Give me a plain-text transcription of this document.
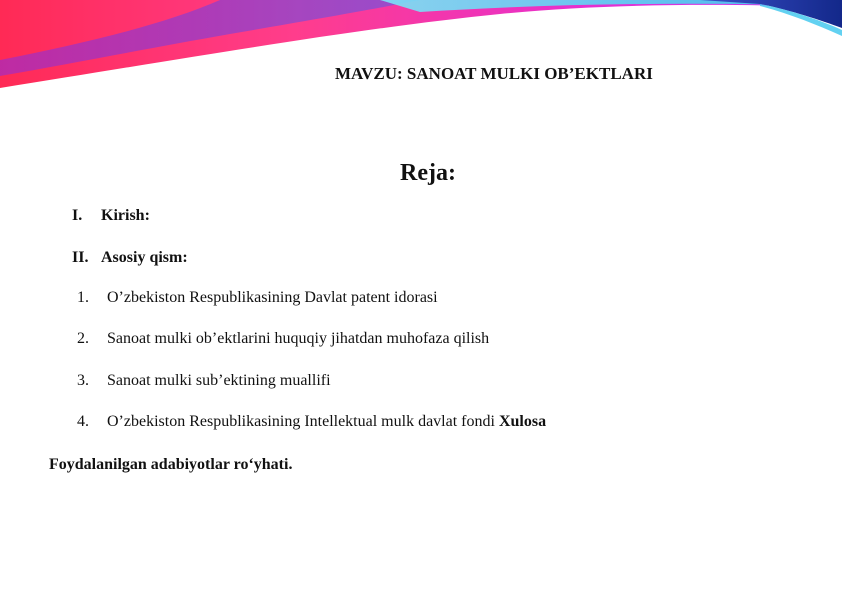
MAVZU: SANOAT MULKI OB’EKTLARI
Reja:
I. Kirish:
II. Asosiy qism:
1. O’zbekiston Respublikasining Davlat patent idorasi
2. Sanoat mulki ob’ektlarini huquqiy jihatdan muhofaza qilish
3. Sanoat mulki sub’ektining muallifi
4. O’zbekiston Respublikasining Intellektual mulk davlat fondi Xulosa
Foydalanilgan adabiyotlar ro‘yhati.
